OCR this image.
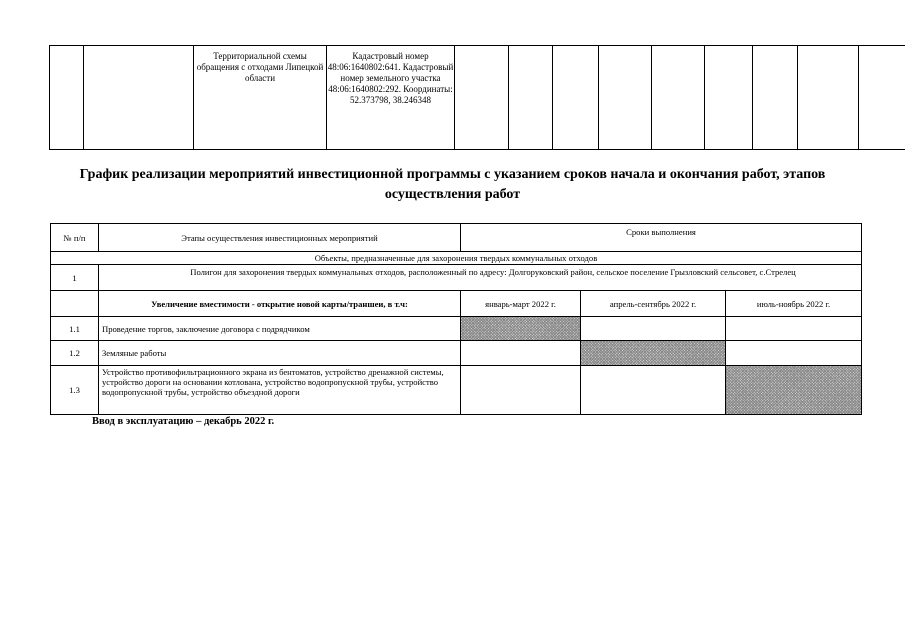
		Территориальной схемы обращения с отходами Липецкой области	Кадастровый номер 48:06:1640802:641. Кадастровый номер земельного участка 48:06:1640802:292. Координаты: 52.373798, 38.246348									
График реализации мероприятий инвестиционной программы с указанием сроков начала и окончания работ, этапов осуществления работ
№ п/п	Этапы осуществления инвестиционных мероприятий	Сроки выполнения		
Объекты, предназначенные для захоронения твердых коммунальных отходов				
1	Полигон для захоронения твердых коммунальных отходов, расположенный по адресу: Долгоруковский район, сельское поселение Грызловский сельсовет, с.Стрелец			
	Увеличение вместимости - открытие новой карты/траншеи, в т.ч:	январь-март 2022 г.	апрель-сентябрь 2022 г.	июль-ноябрь 2022 г.
1.1	Проведение торгов, заключение договора с подрядчиком			
1.2	Земляные работы			
1.3	Устройство противофильтрационного экрана из бентоматов, устройство дренажной системы, устройство дороги на основании котлована, устройство водопропускной трубы, устройство водопропускной трубы, устройство объездной дороги			
Ввод в эксплуатацию – декабрь 2022 г.
